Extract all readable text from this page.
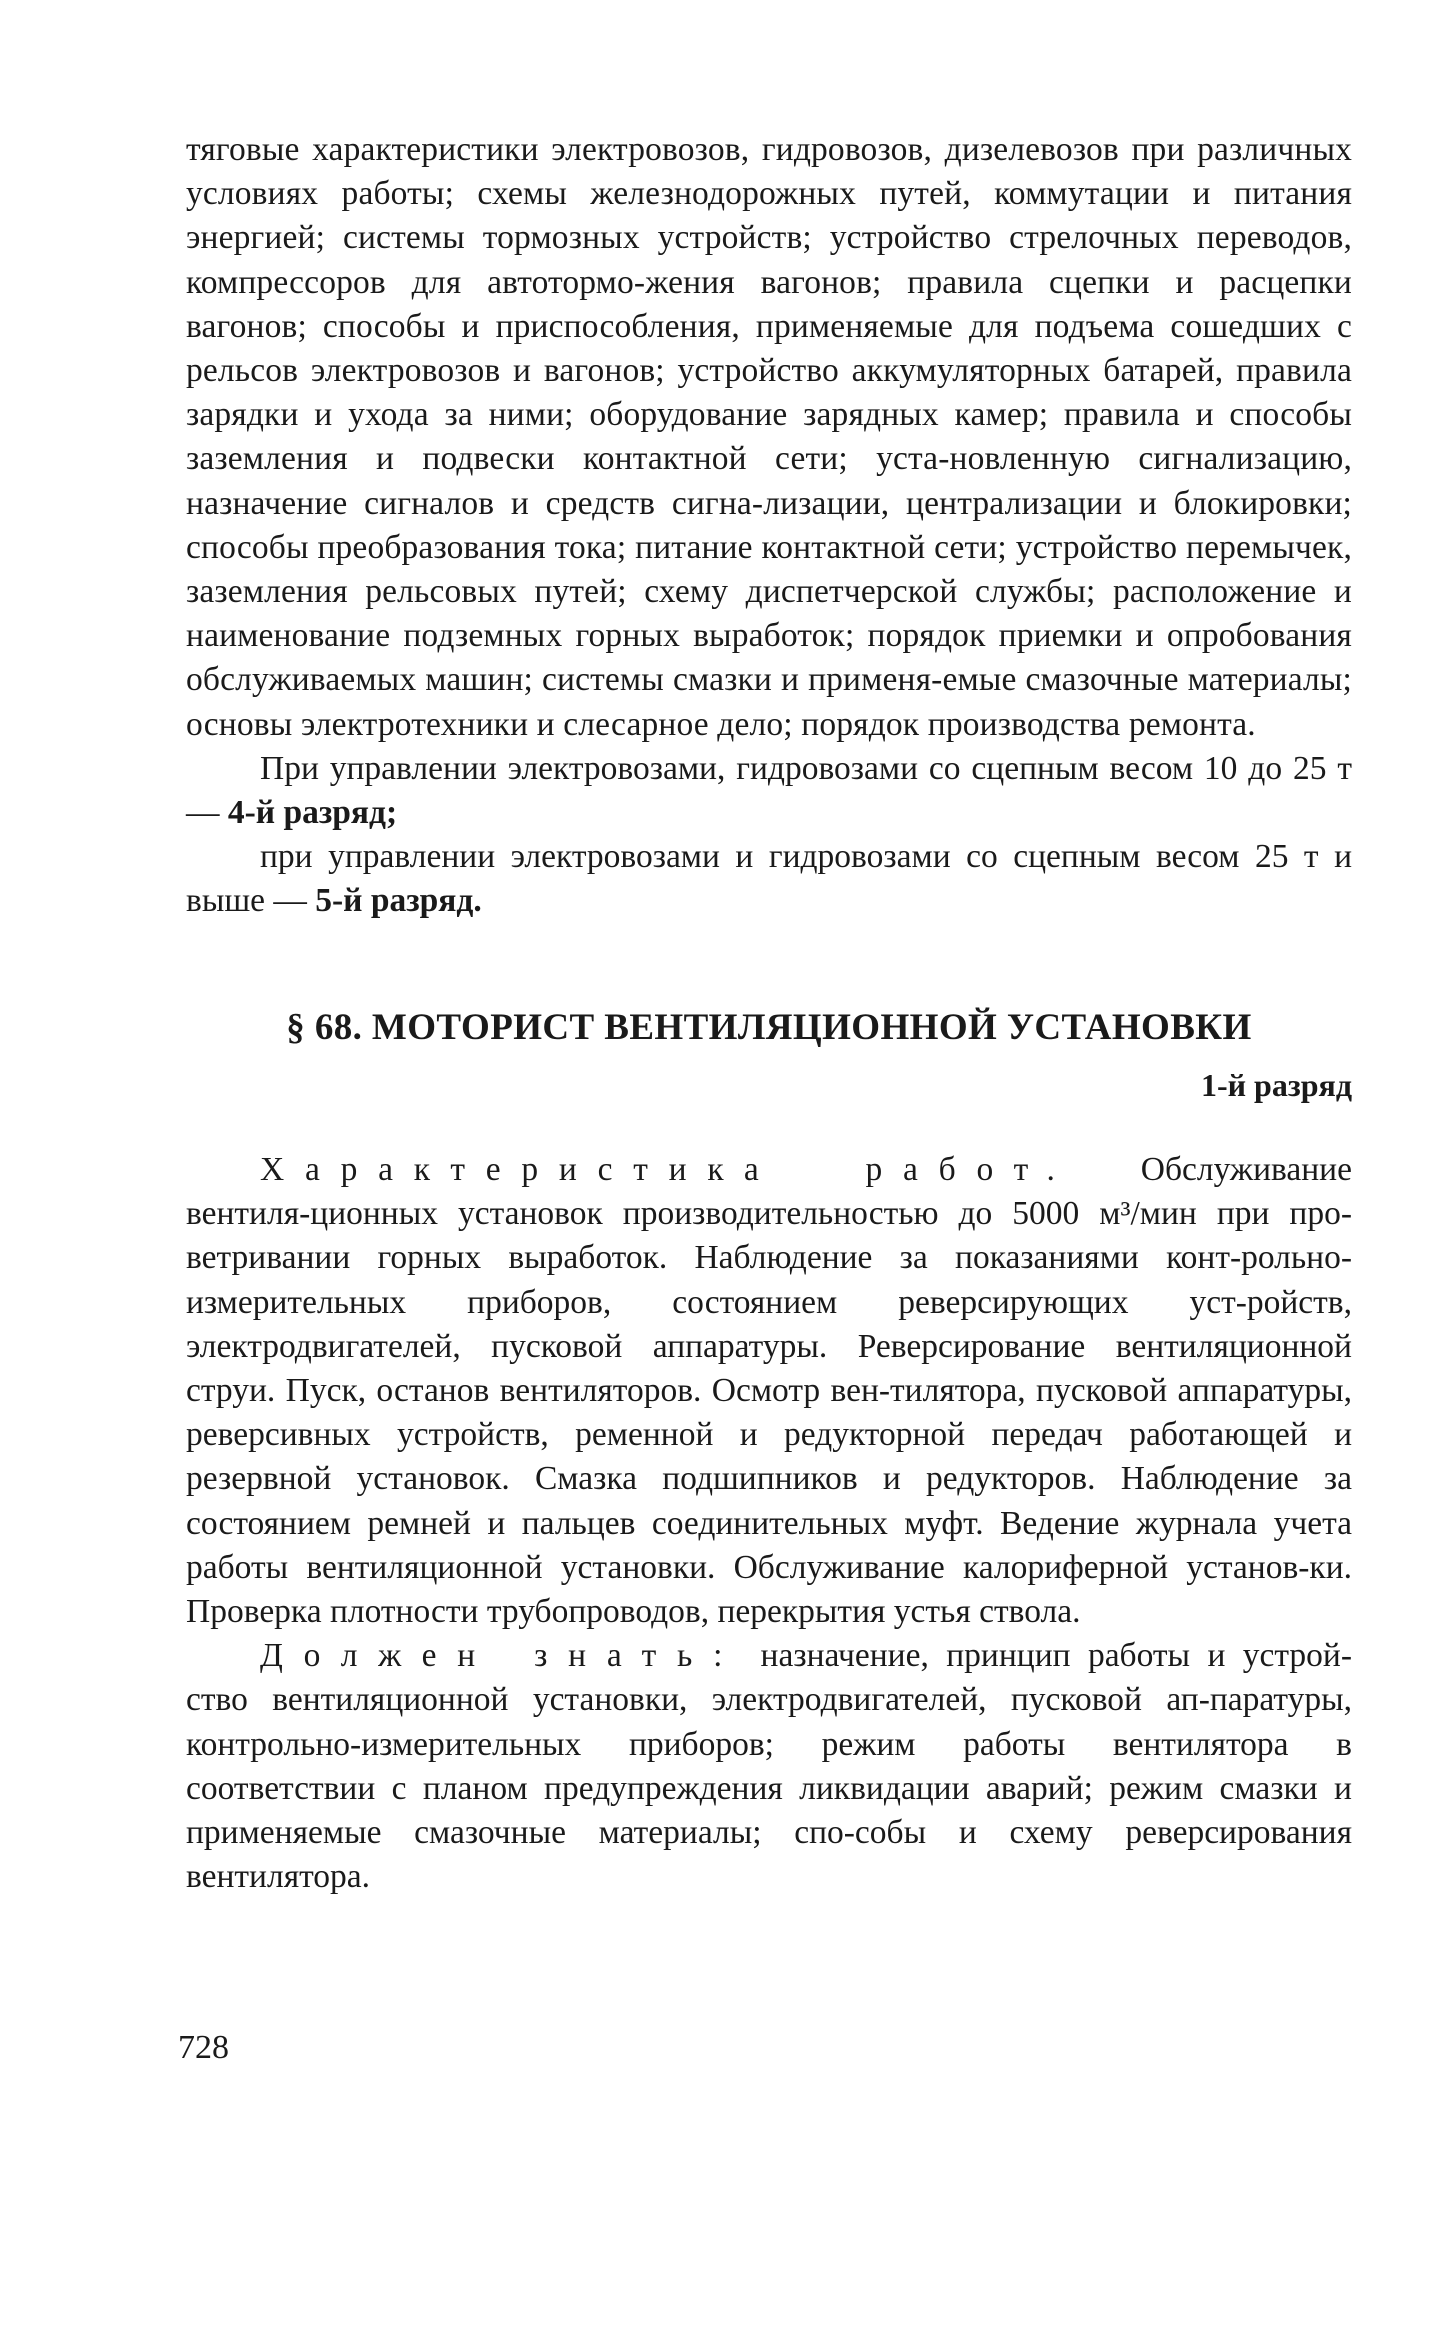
тяговые характеристики электровозов, гидровозов, дизелевозов при различных условиях работы; схемы железнодорожных путей, коммутации и питания энергией; системы тормозных устройств; устройство стрелочных переводов, компрессоров для автотормо-жения вагонов; правила сцепки и расцепки вагонов; способы и приспособления, применяемые для подъема сошедших с рельсов электровозов и вагонов; устройство аккумуляторных батарей, правила зарядки и ухода за ними; оборудование зарядных камер; правила и способы заземления и подвески контактной сети; уста-новленную сигнализацию, назначение сигналов и средств сигна-лизации, централизации и блокировки; способы преобразования тока; питание контактной сети; устройство перемычек, заземления рельсовых путей; схему диспетчерской службы; расположение и наименование подземных горных выработок; порядок приемки и опробования обслуживаемых машин; системы смазки и применя-емые смазочные материалы; основы электротехники и слесарное дело; порядок производства ремонта.

При управлении электровозами, гидровозами со сцепным весом 10 до 25 т — 4-й разряд;

при управлении электровозами и гидровозами со сцепным весом 25 т и выше — 5-й разряд.

§ 68. МОТОРИСТ ВЕНТИЛЯЦИОННОЙ УСТАНОВКИ

1-й разряд

Характеристика работ. Обслуживание вентиля-ционных установок производительностью до 5000 м³/мин при про-ветривании горных выработок. Наблюдение за показаниями конт-рольно-измерительных приборов, состоянием реверсирующих уст-ройств, электродвигателей, пусковой аппаратуры. Реверсирование вентиляционной струи. Пуск, останов вентиляторов. Осмотр вен-тилятора, пусковой аппаратуры, реверсивных устройств, ременной и редукторной передач работающей и резервной установок. Смазка подшипников и редукторов. Наблюдение за состоянием ремней и пальцев соединительных муфт. Ведение журнала учета работы вентиляционной установки. Обслуживание калориферной установ-ки. Проверка плотности трубопроводов, перекрытия устья ствола.

Должен знать: назначение, принцип работы и устрой-ство вентиляционной установки, электродвигателей, пусковой ап-паратуры, контрольно-измерительных приборов; режим работы вентилятора в соответствии с планом предупреждения ликвидации аварий; режим смазки и применяемые смазочные материалы; спо-собы и схему реверсирования вентилятора.

728
